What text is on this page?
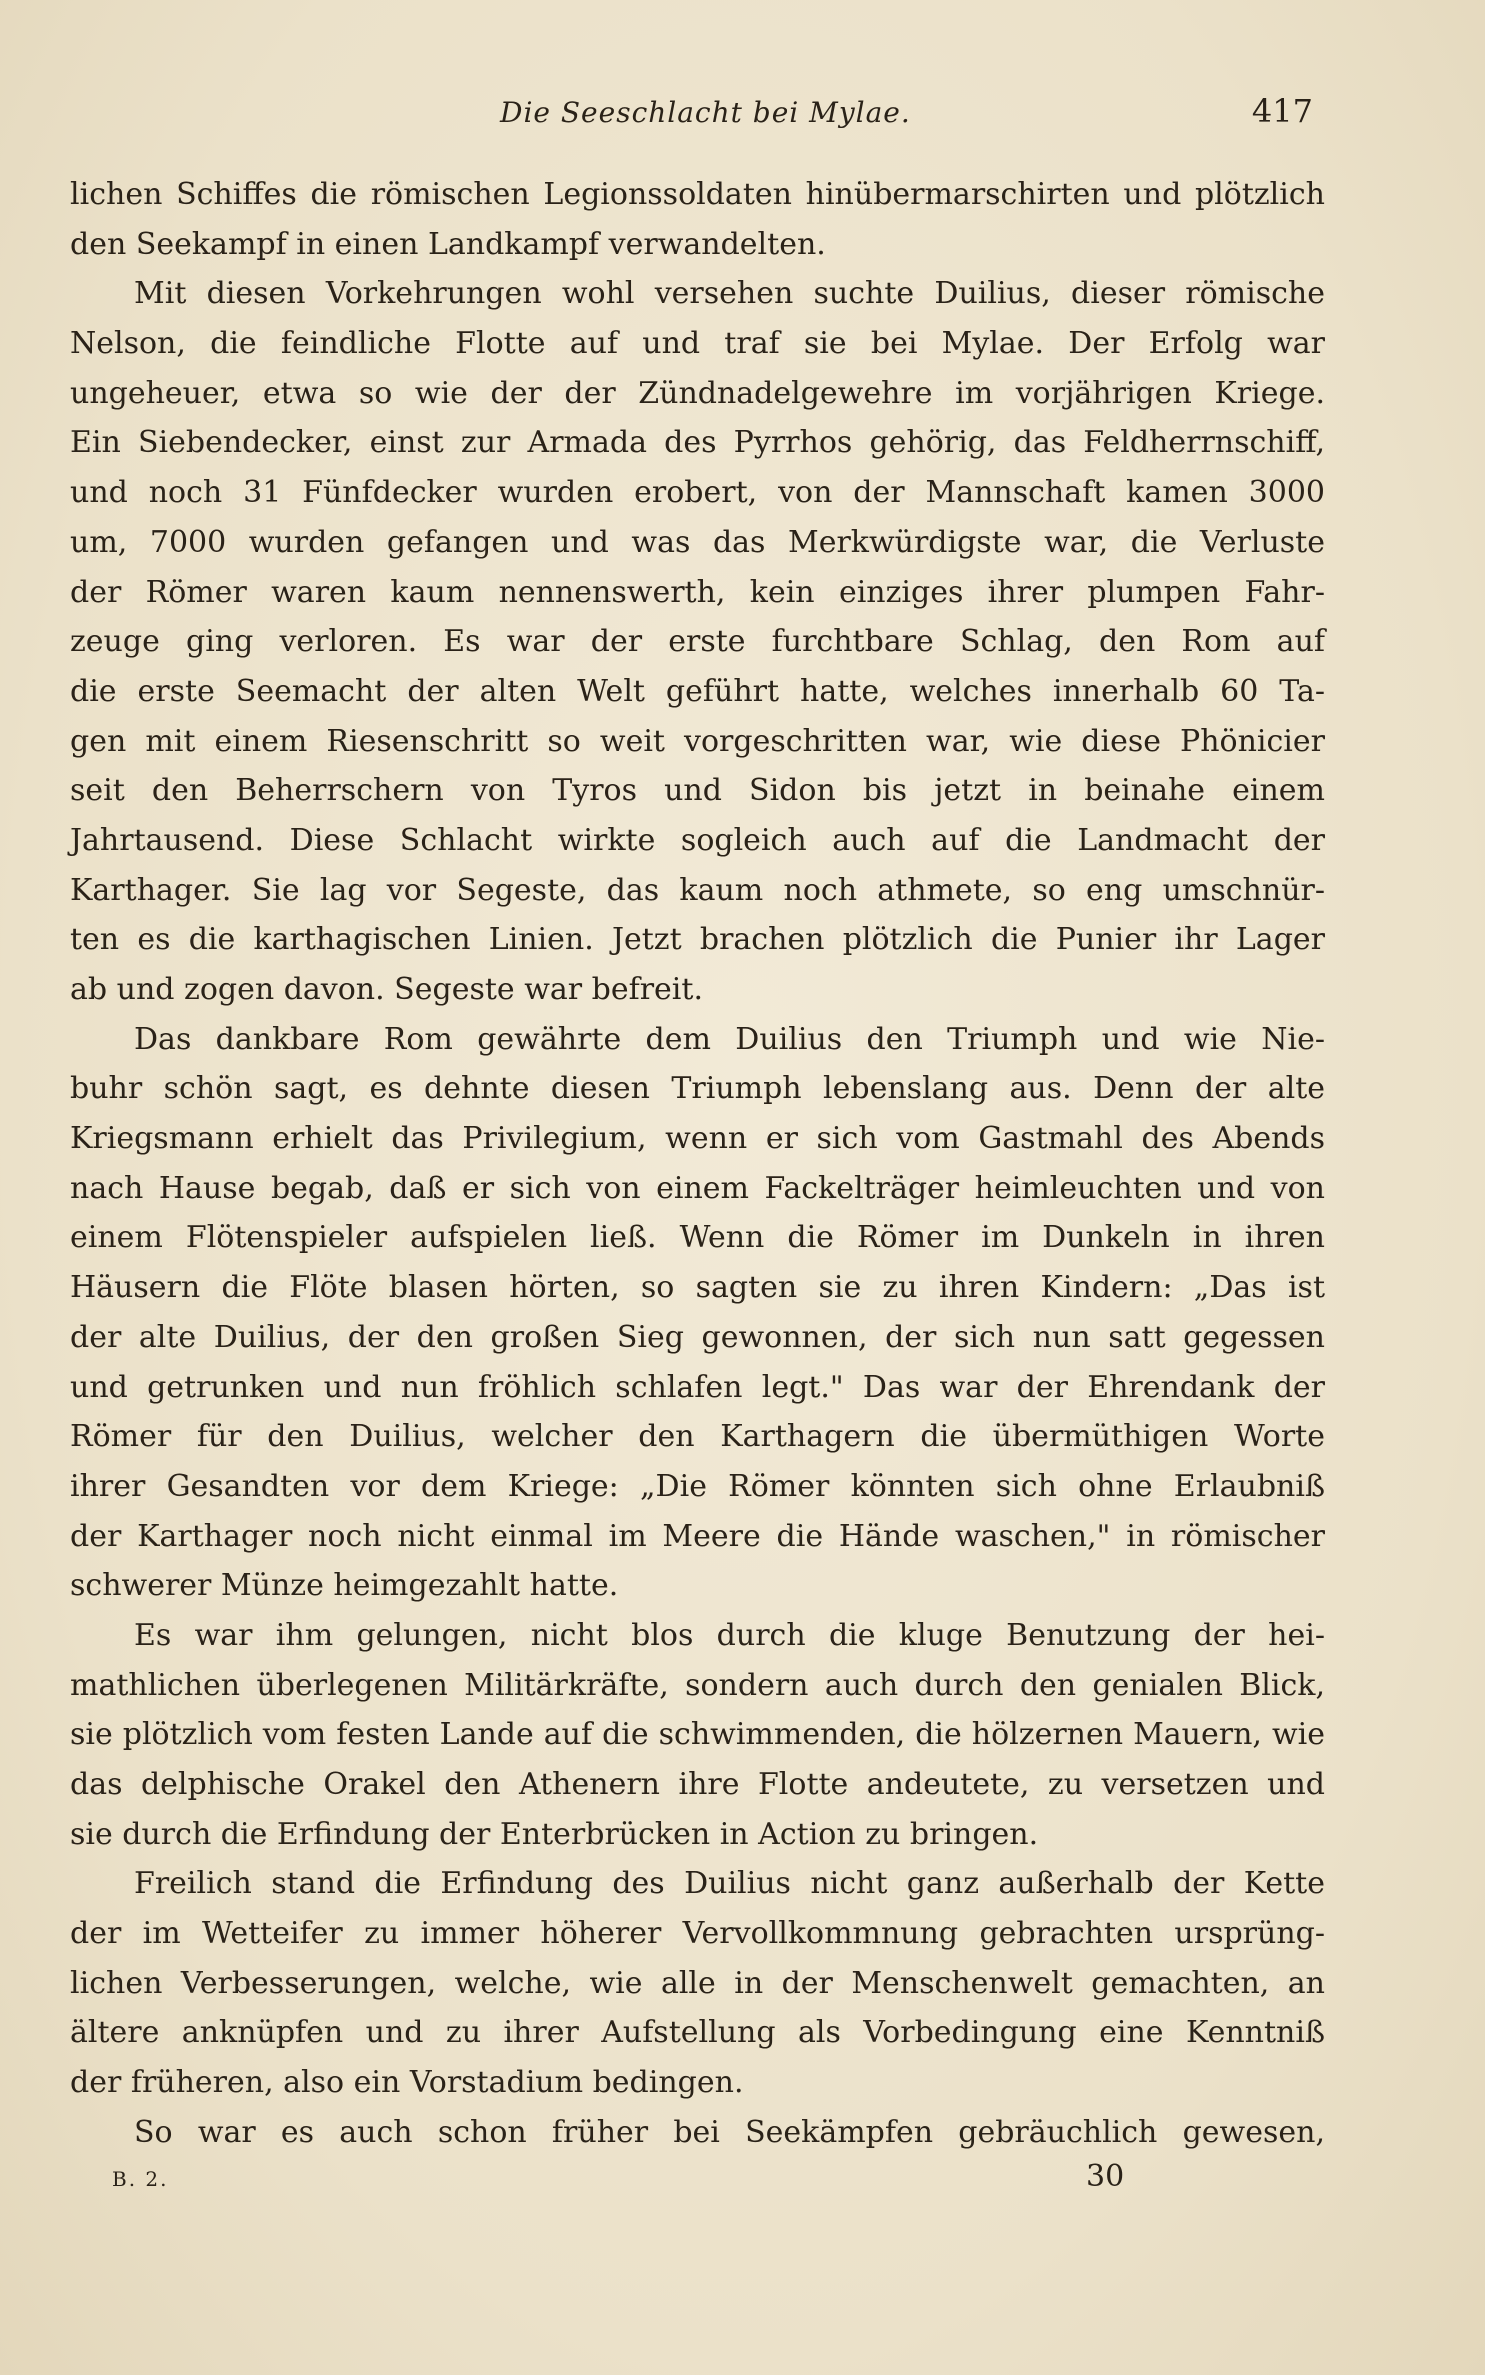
Die Seeschlacht bei Mylae.	417
lichen Schiffes die römischen Legionssoldaten hinübermarschirten und plötzlich
den Seekampf in einen Landkampf verwandelten.
Mit diesen Vorkehrungen wohl versehen suchte Duilius, dieser römische
Nelson, die feindliche Flotte auf und traf sie bei Mylae. Der Erfolg war
ungeheuer, etwa so wie der der Zündnadelgewehre im vorjährigen Kriege.
Ein Siebendecker, einst zur Armada des Pyrrhos gehörig, das Feldherrnschiff,
und noch 31 Fünfdecker wurden erobert, von der Mannschaft kamen 3000
um, 7000 wurden gefangen und was das Merkwürdigste war, die Verluste
der Römer waren kaum nennenswerth, kein einziges ihrer plumpen Fahr-
zeuge ging verloren. Es war der erste furchtbare Schlag, den Rom auf
die erste Seemacht der alten Welt geführt hatte, welches innerhalb 60 Ta-
gen mit einem Riesenschritt so weit vorgeschritten war, wie diese Phönicier
seit den Beherrschern von Tyros und Sidon bis jetzt in beinahe einem
Jahrtausend. Diese Schlacht wirkte sogleich auch auf die Landmacht der
Karthager. Sie lag vor Segeste, das kaum noch athmete, so eng umschnür-
ten es die karthagischen Linien. Jetzt brachen plötzlich die Punier ihr Lager
ab und zogen davon. Segeste war befreit.
Das dankbare Rom gewährte dem Duilius den Triumph und wie Nie-
buhr schön sagt, es dehnte diesen Triumph lebenslang aus. Denn der alte
Kriegsmann erhielt das Privilegium, wenn er sich vom Gastmahl des Abends
nach Hause begab, daß er sich von einem Fackelträger heimleuchten und von
einem Flötenspieler aufspielen ließ. Wenn die Römer im Dunkeln in ihren
Häusern die Flöte blasen hörten, so sagten sie zu ihren Kindern: „Das ist
der alte Duilius, der den großen Sieg gewonnen, der sich nun satt gegessen
und getrunken und nun fröhlich schlafen legt." Das war der Ehrendank der
Römer für den Duilius, welcher den Karthagern die übermüthigen Worte
ihrer Gesandten vor dem Kriege: „Die Römer könnten sich ohne Erlaubniß
der Karthager noch nicht einmal im Meere die Hände waschen," in römischer
schwerer Münze heimgezahlt hatte.
Es war ihm gelungen, nicht blos durch die kluge Benutzung der hei-
mathlichen überlegenen Militärkräfte, sondern auch durch den genialen Blick,
sie plötzlich vom festen Lande auf die schwimmenden, die hölzernen Mauern, wie
das delphische Orakel den Athenern ihre Flotte andeutete, zu versetzen und
sie durch die Erfindung der Enterbrücken in Action zu bringen.
Freilich stand die Erfindung des Duilius nicht ganz außerhalb der Kette
der im Wetteifer zu immer höherer Vervollkommnung gebrachten ursprüng-
lichen Verbesserungen, welche, wie alle in der Menschenwelt gemachten, an
ältere anknüpfen und zu ihrer Aufstellung als Vorbedingung eine Kenntniß
der früheren, also ein Vorstadium bedingen.
So war es auch schon früher bei Seekämpfen gebräuchlich gewesen,
B. 2.	30
